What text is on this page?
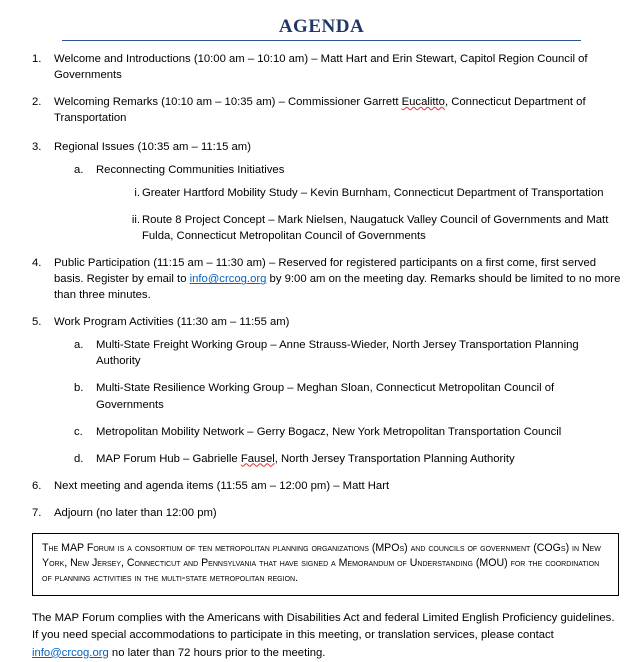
AGENDA
1.	Welcome and Introductions (10:00 am – 10:10 am) – Matt Hart and Erin Stewart, Capitol Region Council of Governments
2.	Welcoming Remarks (10:10 am – 10:35 am) – Commissioner Garrett Eucalitto, Connecticut Department of Transportation
3.	Regional Issues (10:35 am – 11:15 am)
a.	Reconnecting Communities Initiatives
i. Greater Hartford Mobility Study – Kevin Burnham, Connecticut Department of Transportation
ii. Route 8 Project Concept – Mark Nielsen, Naugatuck Valley Council of Governments and Matt Fulda, Connecticut Metropolitan Council of Governments
4.	Public Participation (11:15 am – 11:30 am) – Reserved for registered participants on a first come, first served basis. Register by email to info@crcog.org by 9:00 am on the meeting day. Remarks should be limited to no more than three minutes.
5.	Work Program Activities (11:30 am – 11:55 am)
a.	Multi-State Freight Working Group – Anne Strauss-Wieder, North Jersey Transportation Planning Authority
b.	Multi-State Resilience Working Group – Meghan Sloan, Connecticut Metropolitan Council of Governments
c.	Metropolitan Mobility Network – Gerry Bogacz, New York Metropolitan Transportation Council
d.	MAP Forum Hub – Gabrielle Fausel, North Jersey Transportation Planning Authority
6.	Next meeting and agenda items (11:55 am – 12:00 pm) – Matt Hart
7.	Adjourn (no later than 12:00 pm)
The MAP Forum is a consortium of ten metropolitan planning organizations (MPOs) and councils of government (COGs) in New York, New Jersey, Connecticut and Pennsylvania that have signed a Memorandum of Understanding (MOU) for the coordination of planning activities in the multi-state metropolitan region.
The MAP Forum complies with the Americans with Disabilities Act and federal Limited English Proficiency guidelines. If you need special accommodations to participate in this meeting, or translation services, please contact info@crcog.org no later than 72 hours prior to the meeting.
